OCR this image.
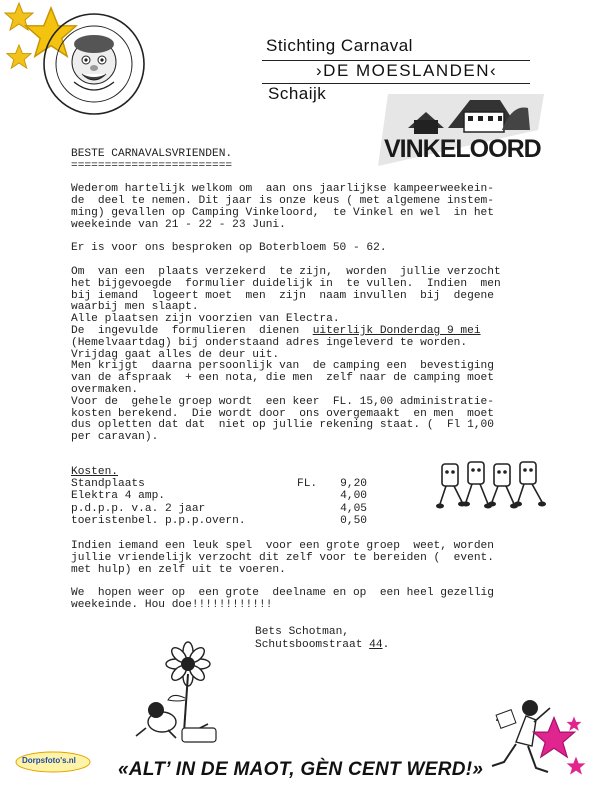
Stichting Carnaval
›DE MOESLANDEN‹
Schaijk
VINKELOORD
BESTE CARNAVALSVRIENDEN.
========================
Wederom hartelijk welkom om  aan ons jaarlijkse kampeerweekein-
de  deel te nemen. Dit jaar is onze keus ( met algemene instem-
ming) gevallen op Camping Vinkeloord,  te Vinkel en wel  in het
weekeinde van 21 - 22 - 23 Juni.
Er is voor ons besproken op Boterbloem 50 - 62.
Om  van een  plaats verzekerd  te zijn,  worden  jullie verzocht
het bijgevoegde  formulier duidelijk in  te vullen.  Indien  men
bij iemand  logeert moet  men  zijn  naam invullen  bij  degene
waarbij men slaapt.
Alle plaatsen zijn voorzien van Electra.
De  ingevulde  formulieren  dienen  uiterlijk Donderdag 9 mei
(Hemelvaartdag) bij onderstaand adres ingeleverd te worden.
Vrijdag gaat alles de deur uit.
Men krijgt  daarna persoonlijk van  de camping een  bevestiging
van de afspraak  + een nota, die men  zelf naar de camping moet
overmaken.
Voor de  gehele groep wordt  een keer  FL. 15,00 administratie-
kosten berekend.  Die wordt door  ons overgemaakt  en men  moet
dus opletten dat dat  niet op jullie rekening staat. (  Fl 1,00
per caravan).
Kosten.
Standplaats	FL. 9,20
Elektra 4 amp.	4,00
p.d.p.p. v.a. 2 jaar	4,05
toeristenbel. p.p.p.overn.	0,50
Indien iemand een leuk spel  voor een grote groep  weet, worden
jullie vriendelijk verzocht dit zelf voor te bereiden (  event.
met hulp) en zelf uit te voeren.
We  hopen weer op  een grote  deelname en op  een heel gezellig
weekeinde. Hou doe!!!!!!!!!!!!
Bets Schotman,
Schutsboomstraat 44.
Dorpsfoto's.nl «ALT’ IN DE MAOT, GÈN CENT WERD!»
